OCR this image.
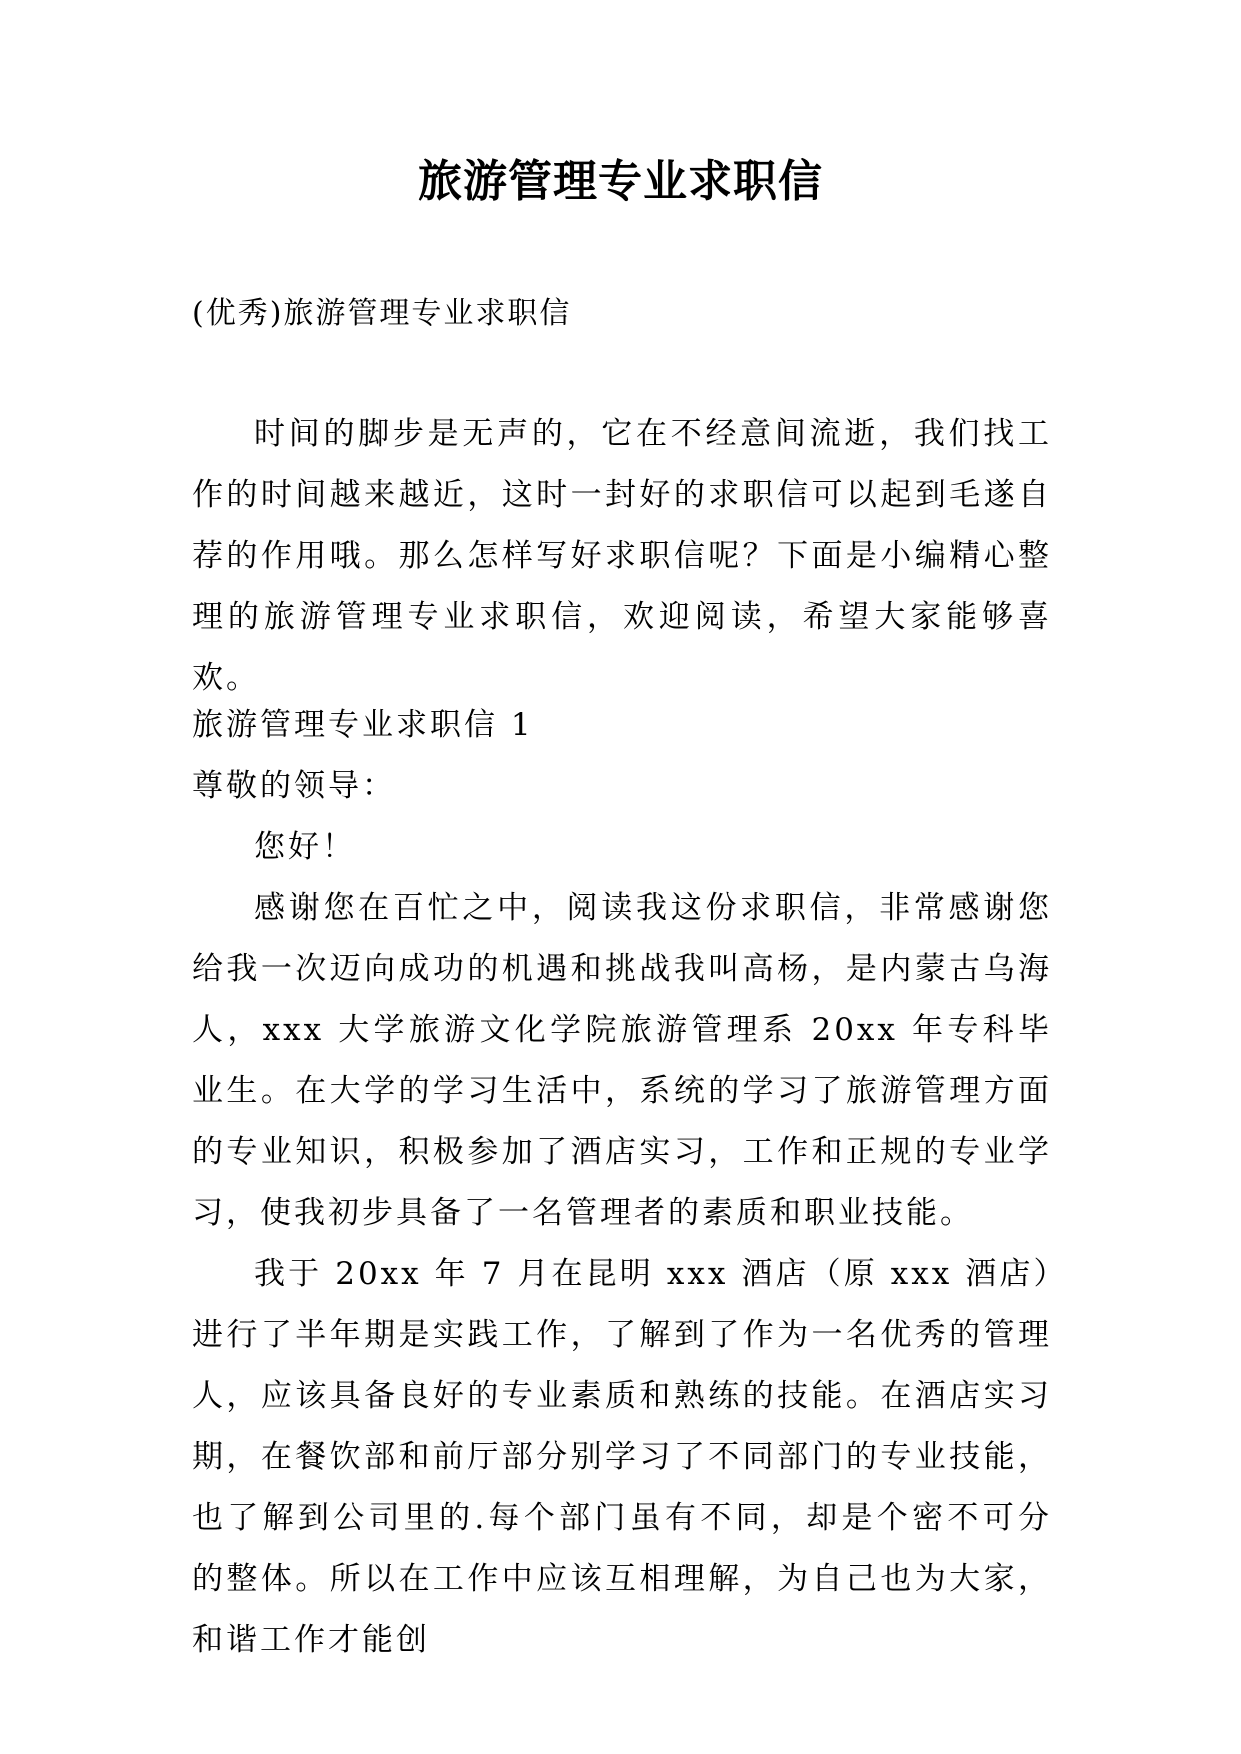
旅游管理专业求职信
(优秀)旅游管理专业求职信

时间的脚步是无声的，它在不经意间流逝，我们找工作的时间越来越近，这时一封好的求职信可以起到毛遂自荐的作用哦。那么怎样写好求职信呢？下面是小编精心整理的旅游管理专业求职信，欢迎阅读，希望大家能够喜欢。

旅游管理专业求职信 1

尊敬的领导：

您好！

感谢您在百忙之中，阅读我这份求职信，非常感谢您给我一次迈向成功的机遇和挑战我叫高杨，是内蒙古乌海人，xxx 大学旅游文化学院旅游管理系 20xx 年专科毕业生。在大学的学习生活中，系统的学习了旅游管理方面的专业知识，积极参加了酒店实习，工作和正规的专业学习，使我初步具备了一名管理者的素质和职业技能。

我于 20xx 年 7 月在昆明 xxx 酒店（原 xxx 酒店）进行了半年期是实践工作，了解到了作为一名优秀的管理人，应该具备良好的专业素质和熟练的技能。在酒店实习期，在餐饮部和前厅部分别学习了不同部门的专业技能，也了解到公司里的.每个部门虽有不同，却是个密不可分的整体。所以在工作中应该互相理解，为自己也为大家，和谐工作才能创
